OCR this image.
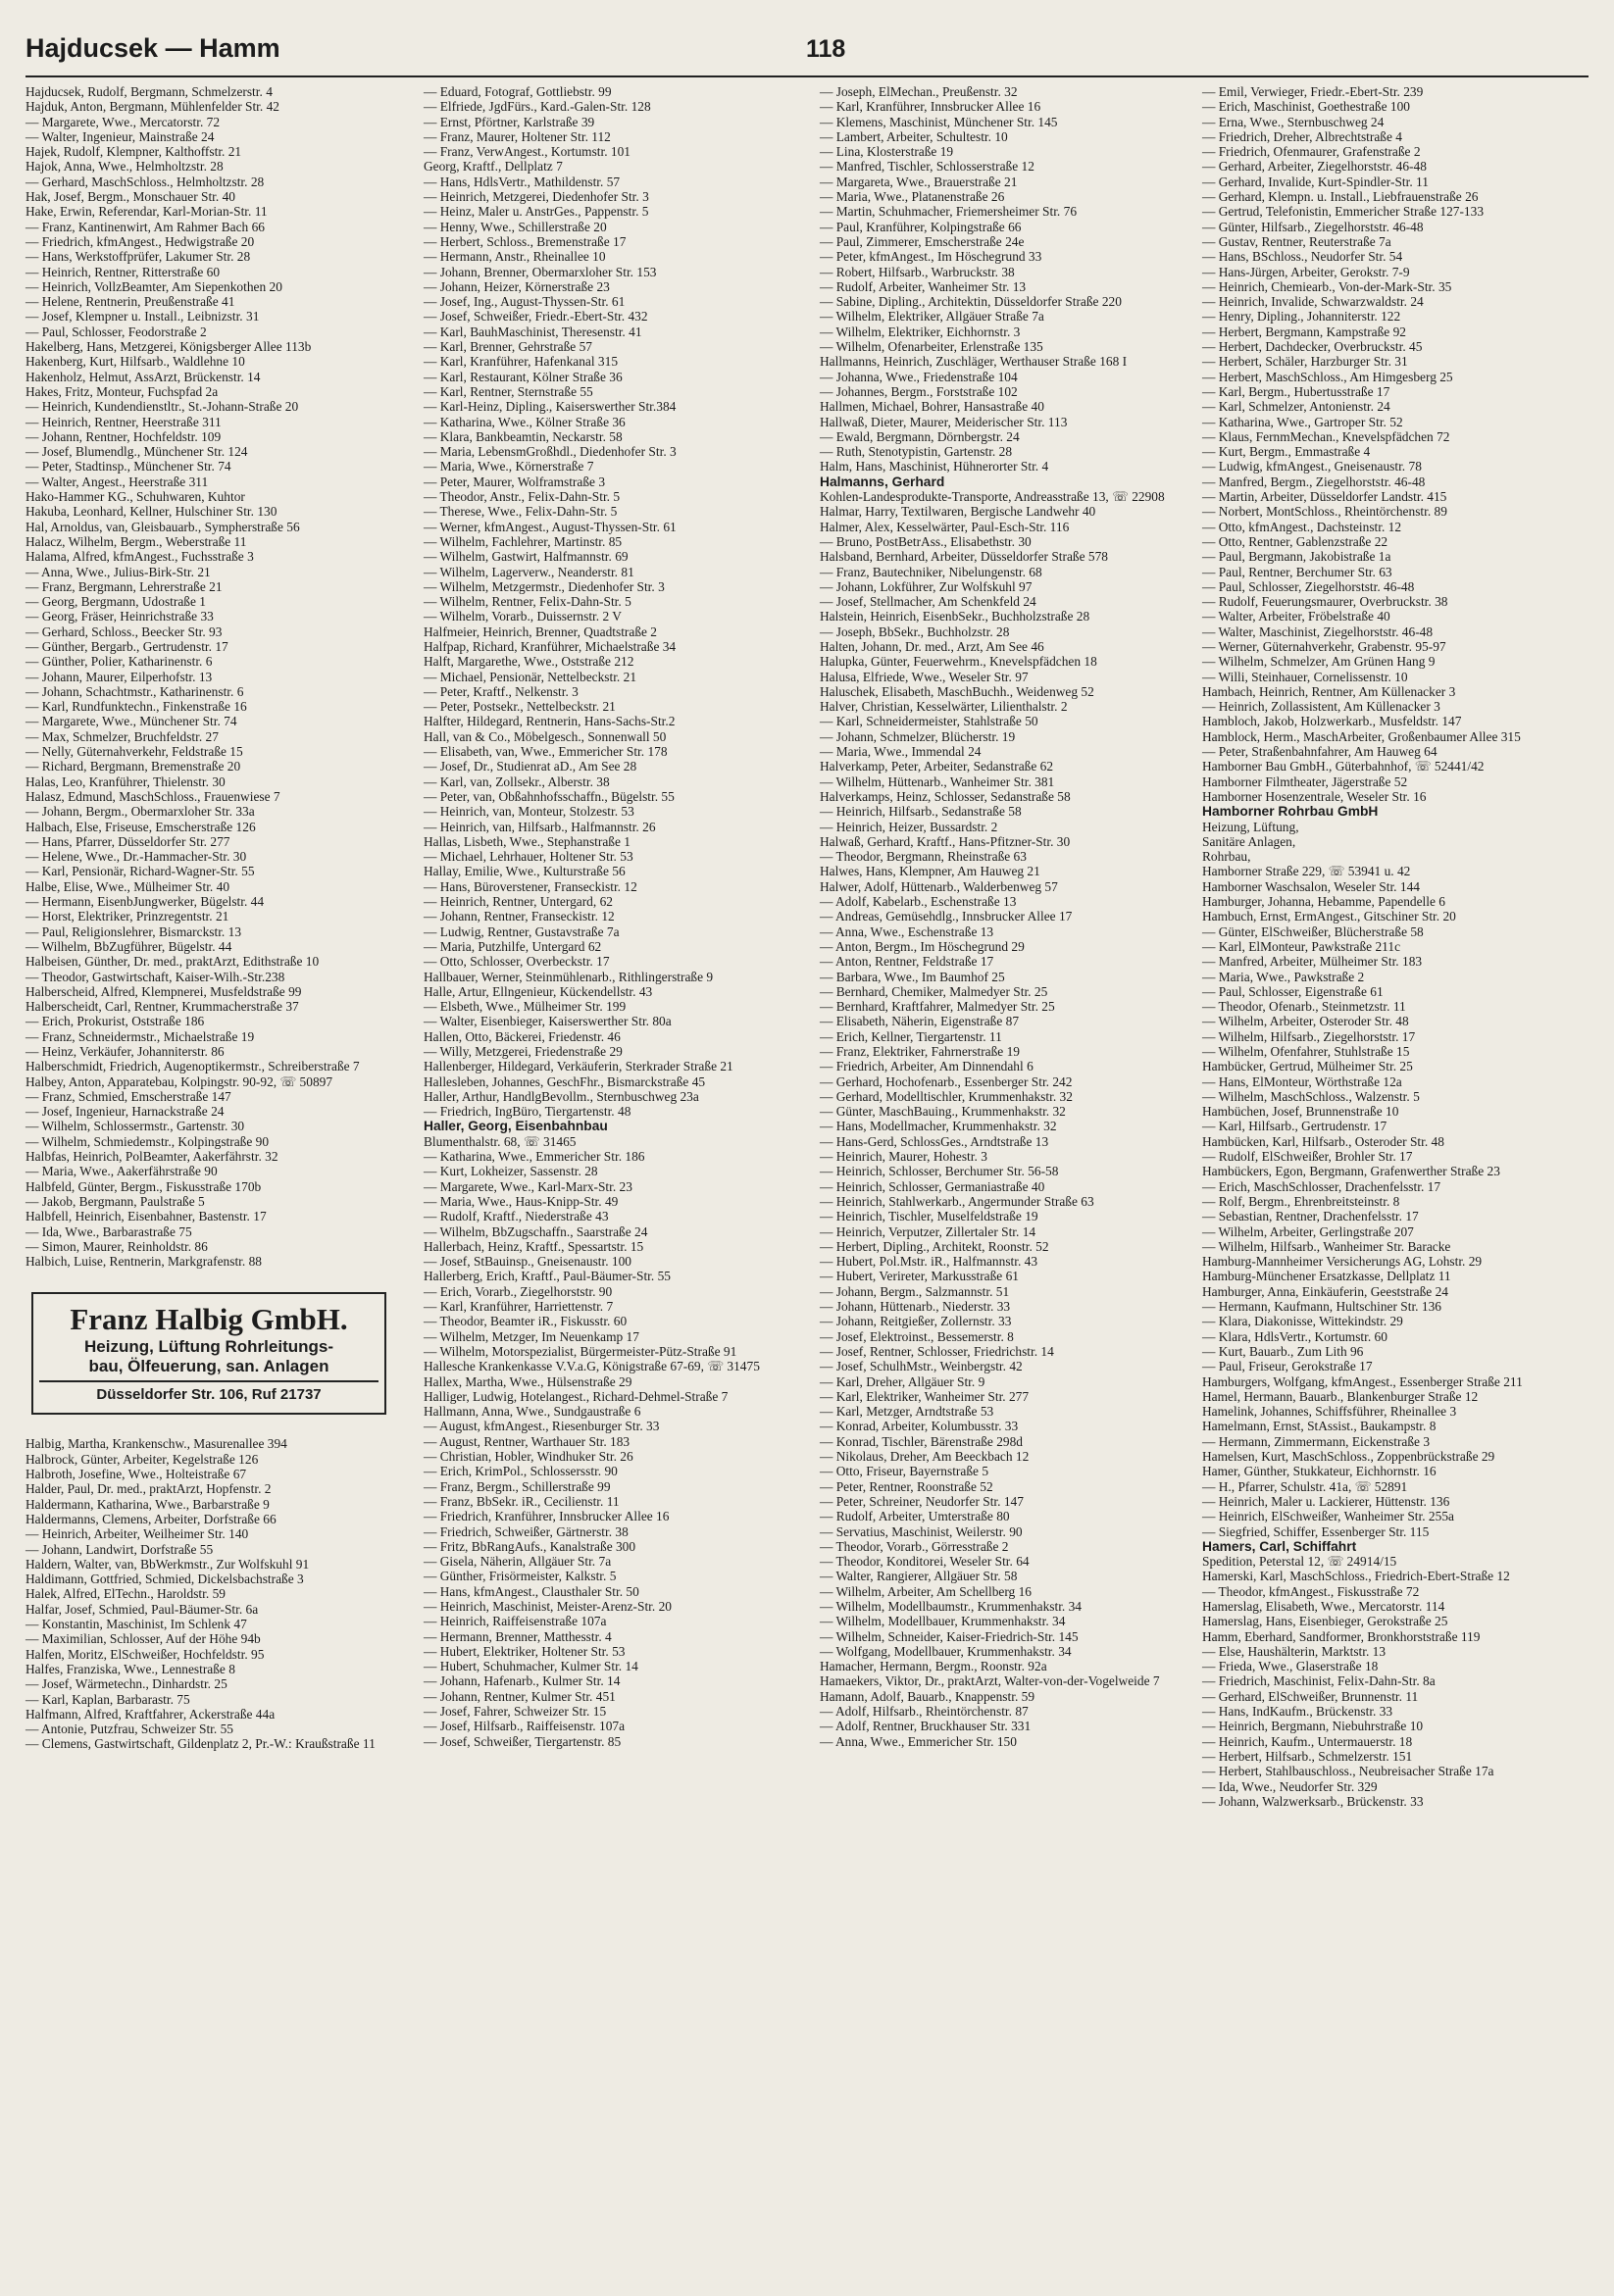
Hajducsek — Hamm	118
Hajducsek, Rudolf, Bergmann, Schmelzerstr. 4
Hajduk, Anton, Bergmann, Mühlenfelder Str. 42
— Margarete, Wwe., Mercatorstr. 72
— Walter, Ingenieur, Mainstraße 24
Hajek, Rudolf, Klempner, Kalthoffstr. 21
Hajok, Anna, Wwe., Helmholtzstr. 28
— Gerhard, MaschSchloss., Helmholtzstr. 28
Hak, Josef, Bergm., Monschauer Str. 40
Hake, Erwin, Referendar, Karl-Morian-Str. 11
— Franz, Kantinenwirt, Am Rahmer Bach 66
— Friedrich, kfmAngest., Hedwigstraße 20
— Hans, Werkstoffprüfer, Lakumer Str. 28
— Heinrich, Rentner, Ritterstraße 60
— Heinrich, VollzBeamter, Am Siepenkothen 20
— Helene, Rentnerin, Preußenstraße 41
— Josef, Klempner u. Install., Leibnizstr. 31
— Paul, Schlosser, Feodorstraße 2
Hakelberg, Hans, Metzgerei, Königsberger Allee 113b
Hakenberg, Kurt, Hilfsarb., Waldlehne 10
Hakenholz, Helmut, AssArzt, Brückenstr. 14
Hakes, Fritz, Monteur, Fuchspfad 2a
— Heinrich, Kundendienstltr., St.-Johann-Straße 20
— Heinrich, Rentner, Heerstraße 311
— Johann, Rentner, Hochfeldstr. 109
— Josef, Blumendlg., Münchener Str. 124
— Peter, Stadtinsp., Münchener Str. 74
— Walter, Angest., Heerstraße 311
Hako-Hammer KG., Schuhwaren, Kuhtor
Hakuba, Leonhard, Kellner, Hulschiner Str. 130
Hal, Arnoldus, van, Gleisbauarb., Sympherstraße 56
Halacz, Wilhelm, Bergm., Weberstraße 11
Halama, Alfred, kfmAngest., Fuchsstraße 3
— Anna, Wwe., Julius-Birk-Str. 21
— Franz, Bergmann, Lehrerstraße 21
— Georg, Bergmann, Udostraße 1
— Georg, Fräser, Heinrichstraße 33
— Gerhard, Schloss., Beecker Str. 93
— Günther, Bergarb., Gertrudenstr. 17
— Günther, Polier, Katharinenstr. 6
— Johann, Maurer, Eilperhofstr. 13
— Johann, Schachtmstr., Katharinenstr. 6
— Karl, Rundfunktechn., Finkenstraße 16
— Margarete, Wwe., Münchener Str. 74
— Max, Schmelzer, Bruchfeldstr. 27
— Nelly, Güternahverkehr, Feldstraße 15
— Richard, Bergmann, Bremenstraße 20
Halas, Leo, Kranführer, Thielenstr. 30
Halasz, Edmund, MaschSchloss., Frauenwiese 7
— Johann, Bergm., Obermarxloher Str. 33a
Halbach, Else, Friseuse, Emscherstraße 126
— Hans, Pfarrer, Düsseldorfer Str. 277
— Helene, Wwe., Dr.-Hammacher-Str. 30
— Karl, Pensionär, Richard-Wagner-Str. 55
Halbe, Elise, Wwe., Mülheimer Str. 40
— Hermann, EisenbJungwerker, Bügelstr. 44
— Horst, Elektriker, Prinzregentstr. 21
— Paul, Religionslehrer, Bismarckstr. 13
— Wilhelm, BbZugführer, Bügelstr. 44
Halbeisen, Günther, Dr. med., praktArzt, Edithstraße 10
— Theodor, Gastwirtschaft, Kaiser-Wilh.-Str.238
Halberscheid, Alfred, Klempnerei, Musfeldstraße 99
Halberscheidt, Carl, Rentner, Krummacherstraße 37
— Erich, Prokurist, Oststraße 186
— Franz, Schneidermstr., Michaelstraße 19
— Heinz, Verkäufer, Johanniterstr. 86
Halberschmidt, Friedrich, Augenoptikermstr., Schreiberstraße 7
Halbey, Anton, Apparatebau, Kolpingstr. 90-92, ☏ 50897
— Franz, Schmied, Emscherstraße 147
— Josef, Ingenieur, Harnackstraße 24
— Wilhelm, Schlossermstr., Gartenstr. 30
— Wilhelm, Schmiedemstr., Kolpingstraße 90
Halbfas, Heinrich, PolBeamter, Aakerfährstr. 32
— Maria, Wwe., Aakerfährstraße 90
Halbfeld, Günter, Bergm., Fiskusstraße 170b
— Jakob, Bergmann, Paulstraße 5
Halbfell, Heinrich, Eisenbahner, Bastenstr. 17
— Ida, Wwe., Barbarastraße 75
— Simon, Maurer, Reinholdstr. 86
Halbich, Luise, Rentnerin, Markgrafenstr. 88
Franz Halbig GmbH.
Heizung, Lüftung Rohrleitungs-
bau, Ölfeuerung, san. Anlagen
Düsseldorfer Str. 106, Ruf 21737
Halbig, Martha, Krankenschw., Masurenallee 394
Halbrock, Günter, Arbeiter, Kegelstraße 126
Halbroth, Josefine, Wwe., Holteistraße 67
Halder, Paul, Dr. med., praktArzt, Hopfenstr. 2
Haldermann, Katharina, Wwe., Barbarstraße 9
Haldermanns, Clemens, Arbeiter, Dorfstraße 66
— Heinrich, Arbeiter, Weilheimer Str. 140
— Johann, Landwirt, Dorfstraße 55
Haldern, Walter, van, BbWerkmstr., Zur Wolfskuhl 91
Haldimann, Gottfried, Schmied, Dickelsbachstraße 3
Halek, Alfred, ElTechn., Haroldstr. 59
Halfar, Josef, Schmied, Paul-Bäumer-Str. 6a
— Konstantin, Maschinist, Im Schlenk 47
— Maximilian, Schlosser, Auf der Höhe 94b
Halfen, Moritz, ElSchweißer, Hochfeldstr. 95
Halfes, Franziska, Wwe., Lennestraße 8
— Josef, Wärmetechn., Dinhardstr. 25
— Karl, Kaplan, Barbarastr. 75
Halfmann, Alfred, Kraftfahrer, Ackerstraße 44a
— Antonie, Putzfrau, Schweizer Str. 55
— Clemens, Gastwirtschaft, Gildenplatz 2, Pr.-W.: Kraußstraße 11
— Eduard, Fotograf, Gottliebstr. 99
— Elfriede, JgdFürs., Kard.-Galen-Str. 128
— Ernst, Pförtner, Karlstraße 39
— Franz, Maurer, Holtener Str. 112
— Franz, VerwAngest., Kortumstr. 101
Georg, Kraftf., Dellplatz 7
— Hans, HdlsVertr., Mathildenstr. 57
— Heinrich, Metzgerei, Diedenhofer Str. 3
— Heinz, Maler u. AnstrGes., Pappenstr. 5
— Henny, Wwe., Schillerstraße 20
— Herbert, Schloss., Bremenstraße 17
— Hermann, Anstr., Rheinallee 10
— Johann, Brenner, Obermarxloher Str. 153
— Johann, Heizer, Körnerstraße 23
— Josef, Ing., August-Thyssen-Str. 61
— Josef, Schweißer, Friedr.-Ebert-Str. 432
— Karl, BauhMaschinist, Theresenstr. 41
— Karl, Brenner, Gehrstraße 57
— Karl, Kranführer, Hafenkanal 315
— Karl, Restaurant, Kölner Straße 36
— Karl, Rentner, Sternstraße 55
— Karl-Heinz, Dipling., Kaiserswerther Str.384
— Katharina, Wwe., Kölner Straße 36
— Klara, Bankbeamtin, Neckarstr. 58
— Maria, LebensmGroßhdl., Diedenhofer Str. 3
— Maria, Wwe., Körnerstraße 7
— Peter, Maurer, Wolframstraße 3
— Theodor, Anstr., Felix-Dahn-Str. 5
— Therese, Wwe., Felix-Dahn-Str. 5
— Werner, kfmAngest., August-Thyssen-Str. 61
— Wilhelm, Fachlehrer, Martinstr. 85
— Wilhelm, Gastwirt, Halfmannstr. 69
— Wilhelm, Lagerverw., Neanderstr. 81
— Wilhelm, Metzgermstr., Diedenhofer Str. 3
— Wilhelm, Rentner, Felix-Dahn-Str. 5
— Wilhelm, Vorarb., Duissernstr. 2 V
Halfmeier, Heinrich, Brenner, Quadtstraße 2
Halfpap, Richard, Kranführer, Michaelstraße 34
Halft, Margarethe, Wwe., Oststraße 212
— Michael, Pensionär, Nettelbeckstr. 21
— Peter, Kraftf., Nelkenstr. 3
— Peter, Postsekr., Nettelbeckstr. 21
Halfter, Hildegard, Rentnerin, Hans-Sachs-Str.2
Hall, van & Co., Möbelgesch., Sonnenwall 50
— Elisabeth, van, Wwe., Emmericher Str. 178
— Josef, Dr., Studienrat aD., Am See 28
— Karl, van, Zollsekr., Alberstr. 38
— Peter, van, Obßahnhofsschaffn., Bügelstr. 55
— Heinrich, van, Monteur, Stolzestr. 53
— Heinrich, van, Hilfsarb., Halfmannstr. 26
Hallas, Lisbeth, Wwe., Stephanstraße 1
— Michael, Lehrhauer, Holtener Str. 53
Hallay, Emilie, Wwe., Kulturstraße 56
— Hans, Büroverstener, Franseckistr. 12
— Heinrich, Rentner, Untergard, 62
— Johann, Rentner, Franseckistr. 12
— Ludwig, Rentner, Gustavstraße 7a
— Maria, Putzhilfe, Untergard 62
— Otto, Schlosser, Overbeckstr. 17
Hallbauer, Werner, Steinmühlenarb., Rithlingerstraße 9
Halle, Artur, Ellngenieur, Kückendellstr. 43
— Elsbeth, Wwe., Mülheimer Str. 199
— Walter, Eisenbieger, Kaiserswerther Str. 80a
Hallen, Otto, Bäckerei, Friedenstr. 46
— Willy, Metzgerei, Friedenstraße 29
Hallenberger, Hildegard, Verkäuferin, Sterkrader Straße 21
Hallesleben, Johannes, GeschFhr., Bismarckstraße 45
Haller, Arthur, HandlgBevollm., Sternbuschweg 23a
— Friedrich, IngBüro, Tiergartenstr. 48
Haller, Georg, Eisenbahnbau
Blumenthalstr. 68, ☏ 31465
— Katharina, Wwe., Emmericher Str. 186
— Kurt, Lokheizer, Sassenstr. 28
— Margarete, Wwe., Karl-Marx-Str. 23
— Maria, Wwe., Haus-Knipp-Str. 49
— Rudolf, Kraftf., Niederstraße 43
— Wilhelm, BbZugschaffn., Saarstraße 24
Hallerbach, Heinz, Kraftf., Spessartstr. 15
— Josef, StBauinsp., Gneisenaustr. 100
Hallerberg, Erich, Kraftf., Paul-Bäumer-Str. 55
— Erich, Vorarb., Ziegelhorststr. 90
— Karl, Kranführer, Harriettenstr. 7
— Theodor, Beamter iR., Fiskusstr. 60
— Wilhelm, Metzger, Im Neuenkamp 17
— Wilhelm, Motorspezialist, Bürgermeister-Pütz-Straße 91
Hallesche Krankenkasse V.V.a.G, Königstraße 67-69, ☏ 31475
Hallex, Martha, Wwe., Hülsenstraße 29
Halliger, Ludwig, Hotelangest., Richard-Dehmel-Straße 7
Hallmann, Anna, Wwe., Sundgaustraße 6
— August, kfmAngest., Riesenburger Str. 33
— August, Rentner, Warthauer Str. 183
— Christian, Hobler, Windhuker Str. 26
— Erich, KrimPol., Schlossersstr. 90
— Franz, Bergm., Schillerstraße 99
— Franz, BbSekr. iR., Cecilienstr. 11
— Friedrich, Kranführer, Innsbrucker Allee 16
— Friedrich, Schweißer, Gärtnerstr. 38
— Fritz, BbRangAufs., Kanalstraße 300
— Gisela, Näherin, Allgäuer Str. 7a
— Günther, Frisörmeister, Kalkstr. 5
— Hans, kfmAngest., Clausthaler Str. 50
— Heinrich, Maschinist, Meister-Arenz-Str. 20
— Heinrich, Raiffeisenstraße 107a
— Hermann, Brenner, Matthesstr. 4
— Hubert, Elektriker, Holtener Str. 53
— Hubert, Schuhmacher, Kulmer Str. 14
— Johann, Hafenarb., Kulmer Str. 14
— Johann, Rentner, Kulmer Str. 451
— Josef, Fahrer, Schweizer Str. 15
— Josef, Hilfsarb., Raiffeisenstr. 107a
— Josef, Schweißer, Tiergartenstr. 85
— Joseph, ElMechan., Preußenstr. 32
— Karl, Kranführer, Innsbrucker Allee 16
— Klemens, Maschinist, Münchener Str. 145
— Lambert, Arbeiter, Schultestr. 10
— Lina, Klosterstraße 19
— Manfred, Tischler, Schlosserstraße 12
— Margareta, Wwe., Brauerstraße 21
— Maria, Wwe., Platanenstraße 26
— Martin, Schuhmacher, Friemersheimer Str. 76
— Paul, Kranführer, Kolpingstraße 66
— Paul, Zimmerer, Emscherstraße 24e
— Peter, kfmAngest., Im Höschegrund 33
— Robert, Hilfsarb., Warbruckstr. 38
— Rudolf, Arbeiter, Wanheimer Str. 13
— Sabine, Dipling., Architektin, Düsseldorfer Straße 220
— Wilhelm, Elektriker, Allgäuer Straße 7a
— Wilhelm, Elektriker, Eichhornstr. 3
— Wilhelm, Ofenarbeiter, Erlenstraße 135
Hallmanns, Heinrich, Zuschläger, Werthauser Straße 168 I
— Johanna, Wwe., Friedenstraße 104
— Johannes, Bergm., Forststraße 102
Hallmen, Michael, Bohrer, Hansastraße 40
Hallwaß, Dieter, Maurer, Meiderischer Str. 113
— Ewald, Bergmann, Dörnbergstr. 24
— Ruth, Stenotypistin, Gartenstr. 28
Halm, Hans, Maschinist, Hühnerorter Str. 4
Halmanns, Gerhard
Kohlen-Landesprodukte-Transporte, Andreasstraße 13, ☏ 22908
Halmar, Harry, Textilwaren, Bergische Landwehr 40
Halmer, Alex, Kesselwärter, Paul-Esch-Str. 116
— Bruno, PostBetrAss., Elisabethstr. 30
Halsband, Bernhard, Arbeiter, Düsseldorfer Straße 578
— Franz, Bautechniker, Nibelungenstr. 68
— Johann, Lokführer, Zur Wolfskuhl 97
— Josef, Stellmacher, Am Schenkfeld 24
Halstein, Heinrich, EisenbSekr., Buchholzstraße 28
— Joseph, BbSekr., Buchholzstr. 28
Halten, Johann, Dr. med., Arzt, Am See 46
Halupka, Günter, Feuerwehrm., Knevelspfädchen 18
Halusa, Elfriede, Wwe., Weseler Str. 97
Haluschek, Elisabeth, MaschBuchh., Weidenweg 52
Halver, Christian, Kesselwärter, Lilienthalstr. 2
— Karl, Schneidermeister, Stahlstraße 50
— Johann, Schmelzer, Blücherstr. 19
— Maria, Wwe., Immendal 24
Halverkamp, Peter, Arbeiter, Sedanstraße 62
— Wilhelm, Hüttenarb., Wanheimer Str. 381
Halverkamps, Heinz, Schlosser, Sedanstraße 58
— Heinrich, Hilfsarb., Sedanstraße 58
— Heinrich, Heizer, Bussardstr. 2
Halwaß, Gerhard, Kraftf., Hans-Pfitzner-Str. 30
— Theodor, Bergmann, Rheinstraße 63
Halwes, Hans, Klempner, Am Hauweg 21
Halwer, Adolf, Hüttenarb., Walderbenweg 57
— Adolf, Kabelarb., Eschenstraße 13
— Andreas, Gemüsehdlg., Innsbrucker Allee 17
— Anna, Wwe., Eschenstraße 13
— Anton, Bergm., Im Höschegrund 29
— Anton, Rentner, Feldstraße 17
— Barbara, Wwe., Im Baumhof 25
— Bernhard, Chemiker, Malmedyer Str. 25
— Bernhard, Kraftfahrer, Malmedyer Str. 25
— Elisabeth, Näherin, Eigenstraße 87
— Erich, Kellner, Tiergartenstr. 11
— Franz, Elektriker, Fahrnerstraße 19
— Friedrich, Arbeiter, Am Dinnendahl 6
— Gerhard, Hochofenarb., Essenberger Str. 242
— Gerhard, Modelltischler, Krummenhakstr. 32
— Günter, MaschBauing., Krummenhakstr. 32
— Hans, Modellmacher, Krummenhakstr. 32
— Hans-Gerd, SchlossGes., Arndtstraße 13
— Heinrich, Maurer, Hohestr. 3
— Heinrich, Schlosser, Berchumer Str. 56-58
— Heinrich, Schlosser, Germaniastraße 40
— Heinrich, Stahlwerkarb., Angermunder Straße 63
— Heinrich, Tischler, Muselfeldstraße 19
— Heinrich, Verputzer, Zillertaler Str. 14
— Herbert, Dipling., Architekt, Roonstr. 52
— Hubert, Pol.Mstr. iR., Halfmannstr. 43
— Hubert, Verireter, Markusstraße 61
— Johann, Bergm., Salzmannstr. 51
— Johann, Hüttenarb., Niederstr. 33
— Johann, Reitgießer, Zollernstr. 33
— Josef, Elektroinst., Bessemerstr. 8
— Josef, Rentner, Schlosser, Friedrichstr. 14
— Josef, SchulhMstr., Weinbergstr. 42
— Karl, Dreher, Allgäuer Str. 9
— Karl, Elektriker, Wanheimer Str. 277
— Karl, Metzger, Arndtstraße 53
— Konrad, Arbeiter, Kolumbusstr. 33
— Konrad, Tischler, Bärenstraße 298d
— Nikolaus, Dreher, Am Beeckbach 12
— Otto, Friseur, Bayernstraße 5
— Peter, Rentner, Roonstraße 52
— Peter, Schreiner, Neudorfer Str. 147
— Rudolf, Arbeiter, Umterstraße 80
— Servatius, Maschinist, Weilerstr. 90
— Theodor, Vorarb., Görresstraße 2
— Theodor, Konditorei, Weseler Str. 64
— Walter, Rangierer, Allgäuer Str. 58
— Wilhelm, Arbeiter, Am Schellberg 16
— Wilhelm, Modellbaumstr., Krummenhakstr. 34
— Wilhelm, Modellbauer, Krummenhakstr. 34
— Wilhelm, Schneider, Kaiser-Friedrich-Str. 145
— Wolfgang, Modellbauer, Krummenhakstr. 34
Hamacher, Hermann, Bergm., Roonstr. 92a
Hamaekers, Viktor, Dr., praktArzt, Walter-von-der-Vogelweide 7
Hamann, Adolf, Bauarb., Knappenstr. 59
— Adolf, Hilfsarb., Rheintörchenstr. 87
— Adolf, Rentner, Bruckhauser Str. 331
— Anna, Wwe., Emmericher Str. 150
— Emil, Verwieger, Friedr.-Ebert-Str. 239
— Erich, Maschinist, Goethestraße 100
— Erna, Wwe., Sternbuschweg 24
— Friedrich, Dreher, Albrechtstraße 4
— Friedrich, Ofenmaurer, Grafenstraße 2
— Gerhard, Arbeiter, Ziegelhorststr. 46-48
— Gerhard, Invalide, Kurt-Spindler-Str. 11
— Gerhard, Klempn. u. Install., Liebfrauenstraße 26
— Gertrud, Telefonistin, Emmericher Straße 127-133
— Günter, Hilfsarb., Ziegelhorststr. 46-48
— Gustav, Rentner, Reuterstraße 7a
— Hans, BSchloss., Neudorfer Str. 54
— Hans-Jürgen, Arbeiter, Gerokstr. 7-9
— Heinrich, Chemiearb., Von-der-Mark-Str. 35
— Heinrich, Invalide, Schwarzwaldstr. 24
— Henry, Dipling., Johanniterstr. 122
— Herbert, Bergmann, Kampstraße 92
— Herbert, Dachdecker, Overbruckstr. 45
— Herbert, Schäler, Harzburger Str. 31
— Herbert, MaschSchloss., Am Himgesberg 25
— Karl, Bergm., Hubertusstraße 17
— Karl, Schmelzer, Antonienstr. 24
— Katharina, Wwe., Gartroper Str. 52
— Klaus, FernmMechan., Knevelspfädchen 72
— Kurt, Bergm., Emmastraße 4
— Ludwig, kfmAngest., Gneisenaustr. 78
— Manfred, Bergm., Ziegelhorststr. 46-48
— Martin, Arbeiter, Düsseldorfer Landstr. 415
— Norbert, MontSchloss., Rheintörchenstr. 89
— Otto, kfmAngest., Dachsteinstr. 12
— Otto, Rentner, Gablenzstraße 22
— Paul, Bergmann, Jakobistraße 1a
— Paul, Rentner, Berchumer Str. 63
— Paul, Schlosser, Ziegelhorststr. 46-48
— Rudolf, Feuerungsmaurer, Overbruckstr. 38
— Walter, Arbeiter, Fröbelstraße 40
— Walter, Maschinist, Ziegelhorststr. 46-48
— Werner, Güternahverkehr, Grabenstr. 95-97
— Wilhelm, Schmelzer, Am Grünen Hang 9
— Willi, Steinhauer, Cornelissenstr. 10
Hambach, Heinrich, Rentner, Am Küllenacker 3
— Heinrich, Zollassistent, Am Küllenacker 3
Hambloch, Jakob, Holzwerkarb., Musfeldstr. 147
Hamblock, Herm., MaschArbeiter, Großenbaumer Allee 315
— Peter, Straßenbahnfahrer, Am Hauweg 64
Hamborner Bau GmbH., Güterbahnhof, ☏ 52441/42
Hamborner Filmtheater, Jägerstraße 52
Hamborner Hosenzentrale, Weseler Str. 16
Hamborner Rohrbau GmbH
Heizung, Lüftung,
Sanitäre Anlagen,
Rohrbau,
Hamborner Straße 229, ☏ 53941 u. 42
Hamborner Waschsalon, Weseler Str. 144
Hamburger, Johanna, Hebamme, Papendelle 6
Hambuch, Ernst, ErmAngest., Gitschiner Str. 20
— Günter, ElSchweißer, Blücherstraße 58
— Karl, ElMonteur, Pawkstraße 211c
— Manfred, Arbeiter, Mülheimer Str. 183
— Maria, Wwe., Pawkstraße 2
— Paul, Schlosser, Eigenstraße 61
— Theodor, Ofenarb., Steinmetzstr. 11
— Wilhelm, Arbeiter, Osteroder Str. 48
— Wilhelm, Hilfsarb., Ziegelhorststr. 17
— Wilhelm, Ofenfahrer, Stuhlstraße 15
Hambücker, Gertrud, Mülheimer Str. 25
— Hans, ElMonteur, Wörthstraße 12a
— Wilhelm, MaschSchloss., Walzenstr. 5
Hambüchen, Josef, Brunnenstraße 10
— Karl, Hilfsarb., Gertrudenstr. 17
Hambücken, Karl, Hilfsarb., Osteroder Str. 48
— Rudolf, ElSchweißer, Brohler Str. 17
Hambückers, Egon, Bergmann, Grafenwerther Straße 23
— Erich, MaschSchlosser, Drachenfelsstr. 17
— Rolf, Bergm., Ehrenbreitsteinstr. 8
— Sebastian, Rentner, Drachenfelsstr. 17
— Wilhelm, Arbeiter, Gerlingstraße 207
— Wilhelm, Hilfsarb., Wanheimer Str. Baracke
Hamburg-Mannheimer Versicherungs AG, Lohstr. 29
Hamburg-Münchener Ersatzkasse, Dellplatz 11
Hamburger, Anna, Einkäuferin, Geeststraße 24
— Hermann, Kaufmann, Hultschiner Str. 136
— Klara, Diakonisse, Wittekindstr. 29
— Klara, HdlsVertr., Kortumstr. 60
— Kurt, Bauarb., Zum Lith 96
— Paul, Friseur, Gerokstraße 17
Hamburgers, Wolfgang, kfmAngest., Essenberger Straße 211
Hamel, Hermann, Bauarb., Blankenburger Straße 12
Hamelink, Johannes, Schiffsführer, Rheinallee 3
Hamelmann, Ernst, StAssist., Baukampstr. 8
— Hermann, Zimmermann, Eickenstraße 3
Hamelsen, Kurt, MaschSchloss., Zoppenbrückstraße 29
Hamer, Günther, Stukkateur, Eichhornstr. 16
— H., Pfarrer, Schulstr. 41a, ☏ 52891
— Heinrich, Maler u. Lackierer, Hüttenstr. 136
— Heinrich, ElSchweißer, Wanheimer Str. 255a
— Siegfried, Schiffer, Essenberger Str. 115
Hamers, Carl, Schiffahrt
Spedition, Peterstal 12, ☏ 24914/15
Hamerski, Karl, MaschSchloss., Friedrich-Ebert-Straße 12
— Theodor, kfmAngest., Fiskusstraße 72
Hamerslag, Elisabeth, Wwe., Mercatorstr. 114
Hamerslag, Hans, Eisenbieger, Gerokstraße 25
Hamm, Eberhard, Sandformer, Bronkhorststraße 119
— Else, Haushälterin, Marktstr. 13
— Frieda, Wwe., Glaserstraße 18
— Friedrich, Maschinist, Felix-Dahn-Str. 8a
— Gerhard, ElSchweißer, Brunnenstr. 11
— Hans, IndKaufm., Brückenstr. 33
— Heinrich, Bergmann, Niebuhrstraße 10
— Heinrich, Kaufm., Untermauerstr. 18
— Herbert, Hilfsarb., Schmelzerstr. 151
— Herbert, Stahlbauschloss., Neubreisacher Straße 17a
— Ida, Wwe., Neudorfer Str. 329
— Johann, Walzwerksarb., Brückenstr. 33
